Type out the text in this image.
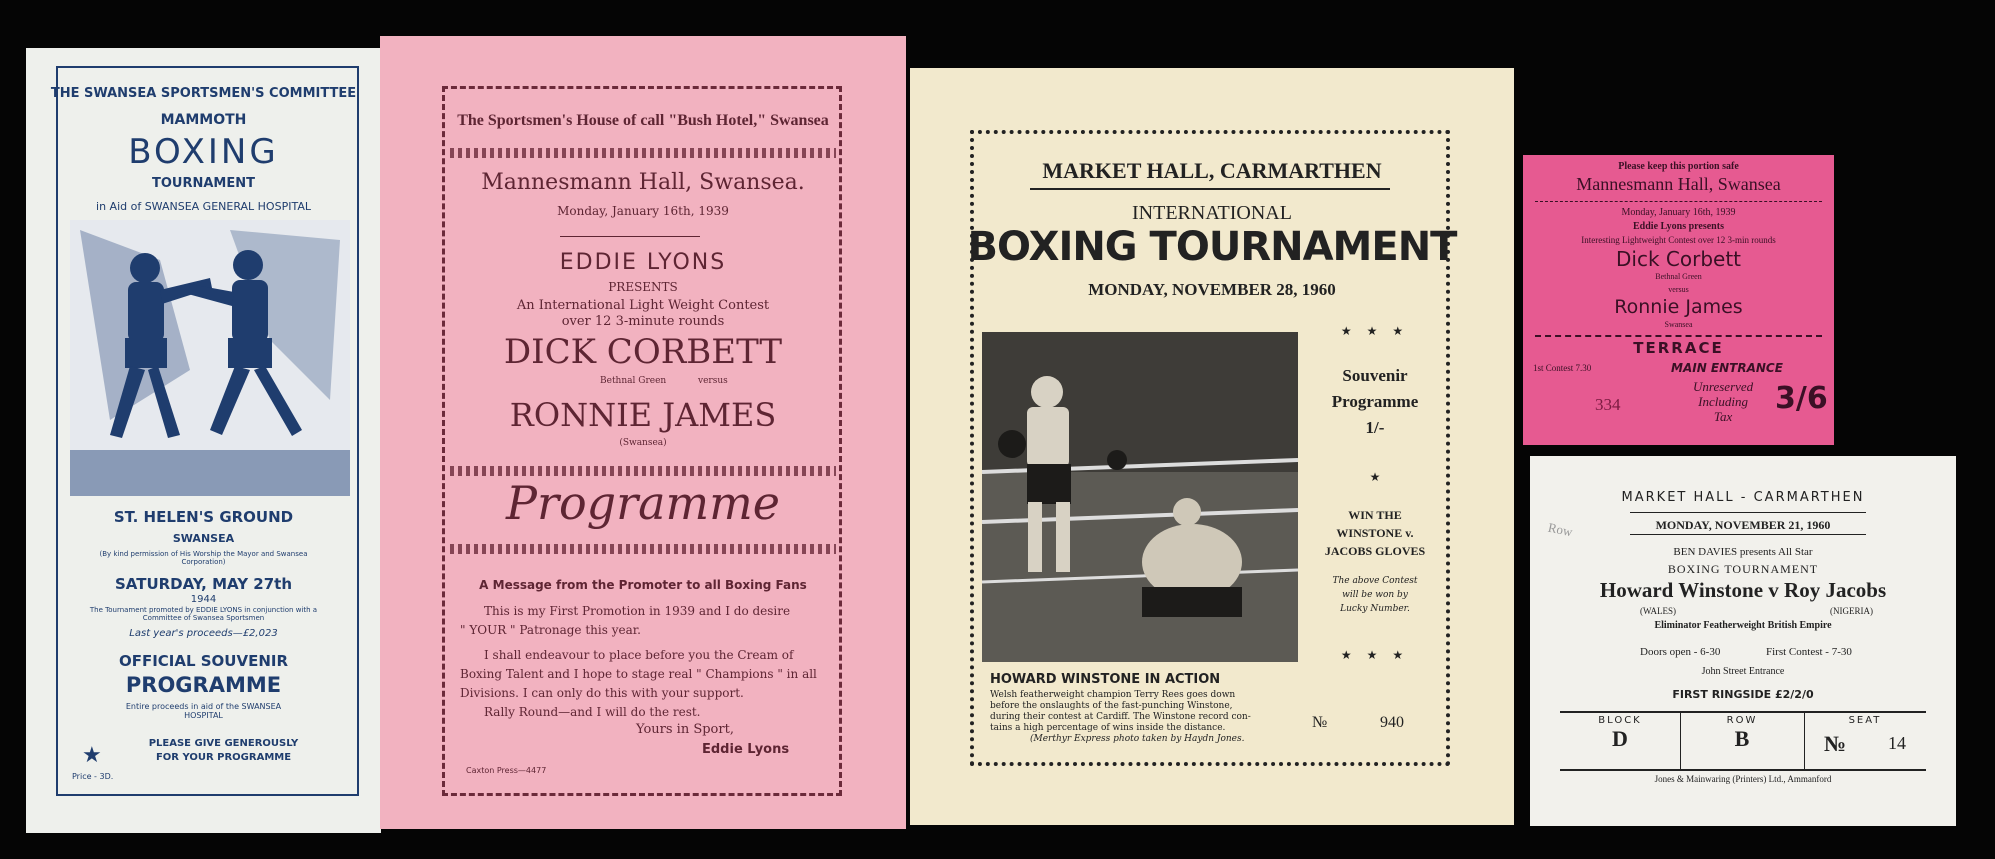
THE SWANSEA SPORTSMEN'S COMMITTEE
MAMMOTH
BOXING
TOURNAMENT
in Aid of SWANSEA GENERAL HOSPITAL
ST. HELEN'S GROUND
SWANSEA
(By kind permission of His Worship the Mayor and Swansea Corporation)
SATURDAY, MAY 27th
1944
The Tournament promoted by EDDIE LYONS in conjunction with a Committee of Swansea Sportsmen
Last year's proceeds—£2,023
OFFICIAL SOUVENIR
PROGRAMME
Entire proceeds in aid of the SWANSEA HOSPITAL
★	PLEASE GIVE GENEROUSLY
FOR YOUR PROGRAMME
Price - 3D.
The Sportsmen's House of call "Bush Hotel," Swansea
Mannesmann Hall, Swansea.
Monday, January 16th, 1939
EDDIE LYONS
PRESENTS
An International Light Weight Contest
over 12 3-minute rounds
DICK CORBETT
Bethnal Green	versus
RONNIE JAMES
(Swansea)
Programme
A Message from the Promoter to all Boxing Fans
This is my First Promotion in 1939 and I do desire
" YOUR " Patronage this year.
I shall endeavour to place before you the Cream of
Boxing Talent and I hope to stage real " Champions " in all
Divisions. I can only do this with your support.
Rally Round—and I will do the rest.
Yours in Sport,
Eddie Lyons
Caxton Press—4477
MARKET HALL, CARMARTHEN
INTERNATIONAL
BOXING TOURNAMENT
MONDAY, NOVEMBER 28, 1960
HOWARD WINSTONE IN ACTION
Welsh featherweight champion Terry Rees goes down
before the onslaughts of the fast-punching Winstone,
during their contest at Cardiff. The Winstone record con-
tains a high percentage of wins inside the distance.
(Merthyr Express photo taken by Haydn Jones.
★ ★ ★
Souvenir
Programme
1/-
★
WIN THE
WINSTONE v.
JACOBS GLOVES
The above Contest
will be won by
Lucky Number.
★ ★ ★
№	940
Please keep this portion safe
Mannesmann Hall, Swansea
Monday, January 16th, 1939
Eddie Lyons presents
Interesting Lightweight Contest over 12 3-min rounds
Dick Corbett
Bethnal Green
versus
Ronnie James
Swansea
TERRACE
1st Contest 7.30	MAIN ENTRANCE
Unreserved
Including
Tax
334	3/6
MARKET HALL - CARMARTHEN
MONDAY, NOVEMBER 21, 1960
Row
BEN DAVIES presents All Star
BOXING TOURNAMENT
Howard Winstone v Roy Jacobs
(WALES)	(NIGERIA)
Eliminator Featherweight British Empire
Doors open - 6-30	First Contest - 7-30
John Street Entrance
FIRST RINGSIDE £2/2/0
BLOCK
D
ROW
B
SEAT
№ 14
Jones & Mainwaring (Printers) Ltd., Ammanford
